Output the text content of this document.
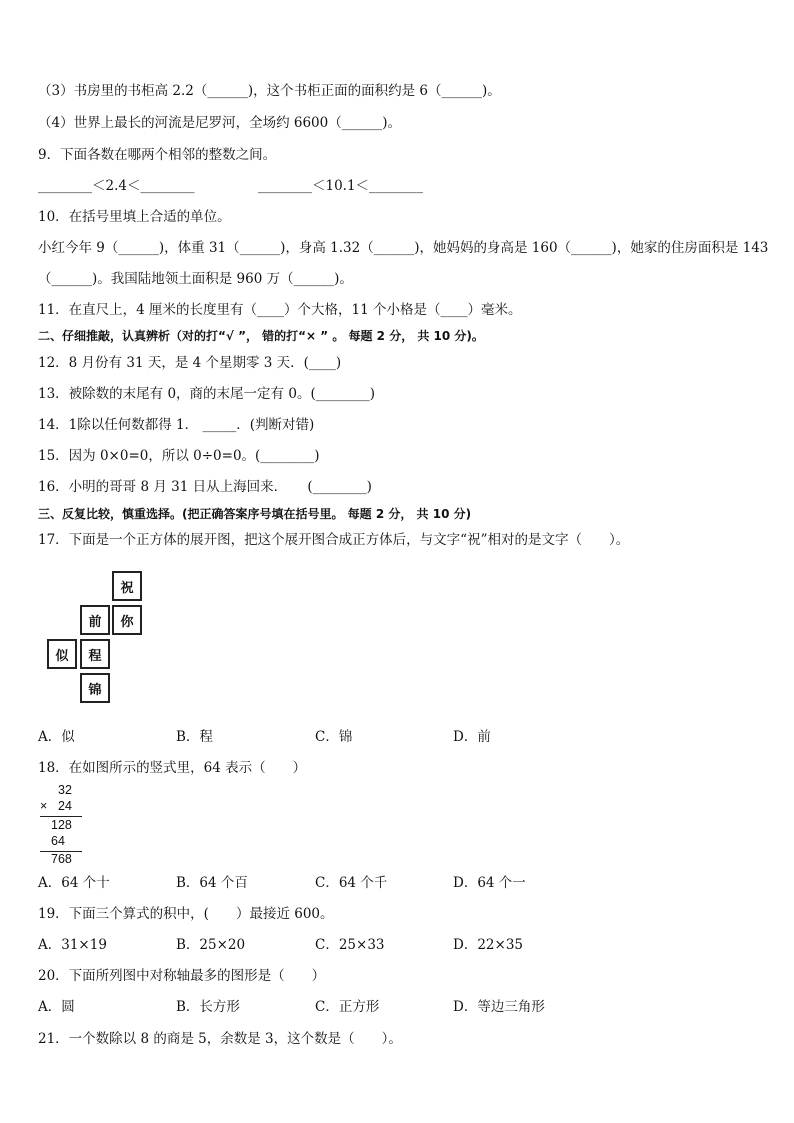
（3）书房里的书柜高 2.2（______)，这个书柜正面的面积约是 6（______)。
（4）世界上最长的河流是尼罗河，全场约 6600（______)。
9．下面各数在哪两个相邻的整数之间。
________＜2.4＜________	________＜10.1＜________
10．在括号里填上合适的单位。
小红今年 9（______)，体重 31（______)，身高 1.32（______)，她妈妈的身高是 160（______)，她家的住房面积是 143
（______)。我国陆地领土面积是 960 万（______)。
11．在直尺上，4 厘米的长度里有（____）个大格，11 个小格是（____）毫米。
二、仔细推敲，认真辨析（对的打“√ ”， 错的打“× ” 。 每题 2 分， 共 10 分)。
12．8 月份有 31 天，是 4 个星期零 3 天．(____)
13．被除数的末尾有 0，商的末尾一定有 0。(________)
14．1除以任何数都得 1． _____．(判断对错)
15．因为 0×0=0，所以 0÷0=0。(________)
16．小明的哥哥 8 月 31 日从上海回来．　　(________)
三、反复比较，慎重选择。(把正确答案序号填在括号里。 每题 2 分， 共 10 分)
17．下面是一个正方体的展开图，把这个展开图合成正方体后，与文字“祝”相对的是文字（　　）。
祝
前	你
似	程
锦
A．似	B．程	C．锦	D．前
18．在如图所示的竖式里，64 表示（　　）
32
× 24
128
64
768
A．64 个十	B．64 个百	C．64 个千	D．64 个一
19．下面三个算式的积中，(　　）最接近 600。
A．31×19	B．25×20	C．25×33	D．22×35
20．下面所列图中对称轴最多的图形是（　　）
A．圆	B．长方形	C．正方形	D．等边三角形
21．一个数除以 8 的商是 5，余数是 3，这个数是（　　）。
